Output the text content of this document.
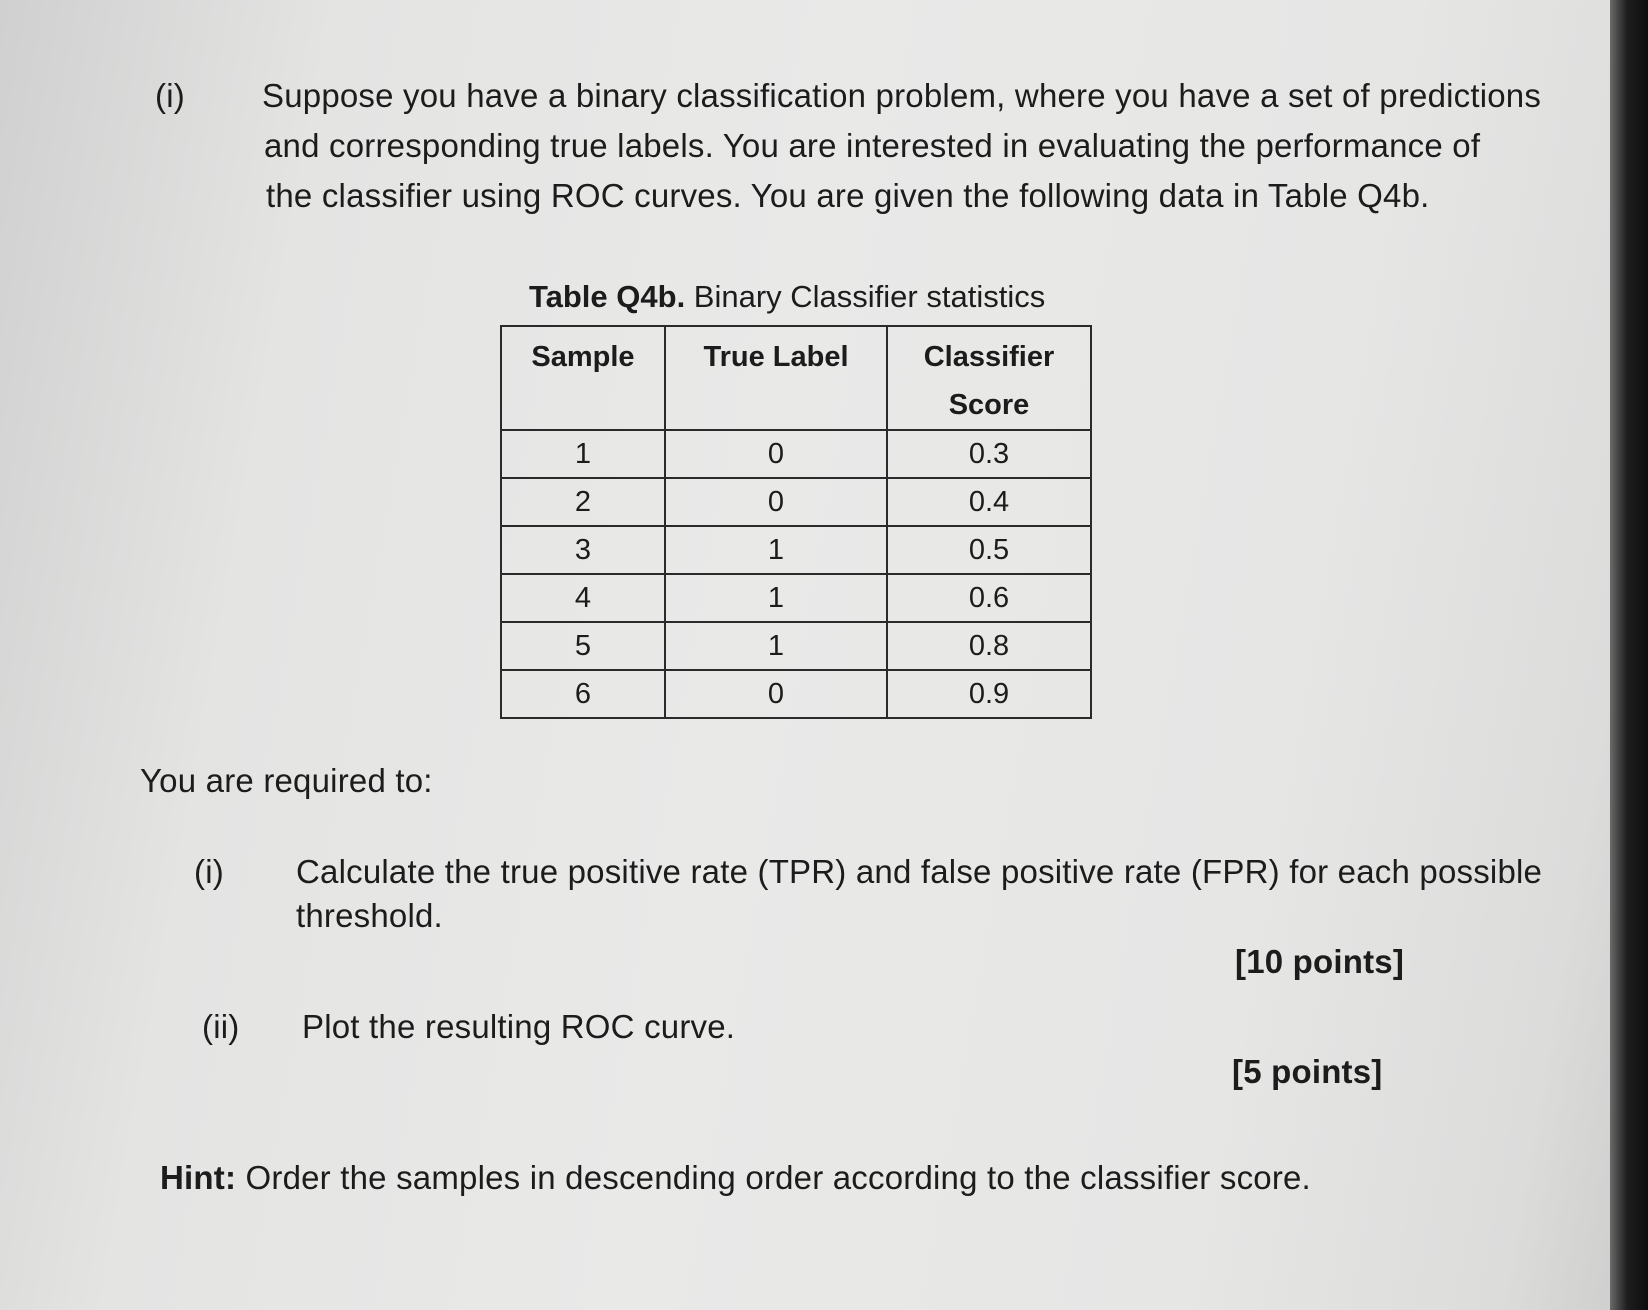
(i) Suppose you have a binary classification problem, where you have a set of predictions
and corresponding true labels. You are interested in evaluating the performance of
the classifier using ROC curves. You are given the following data in Table Q4b.
Table Q4b. Binary Classifier statistics
Sample	True Label	Classifier
Score

1	0	0.3
2	0	0.4
3	1	0.5
4	1	0.6
5	1	0.8
6	0	0.9
You are required to:
(i) Calculate the true positive rate (TPR) and false positive rate (FPR) for each possible
threshold.
[10 points]
(ii) Plot the resulting ROC curve.
[5 points]
Hint: Order the samples in descending order according to the classifier score.
